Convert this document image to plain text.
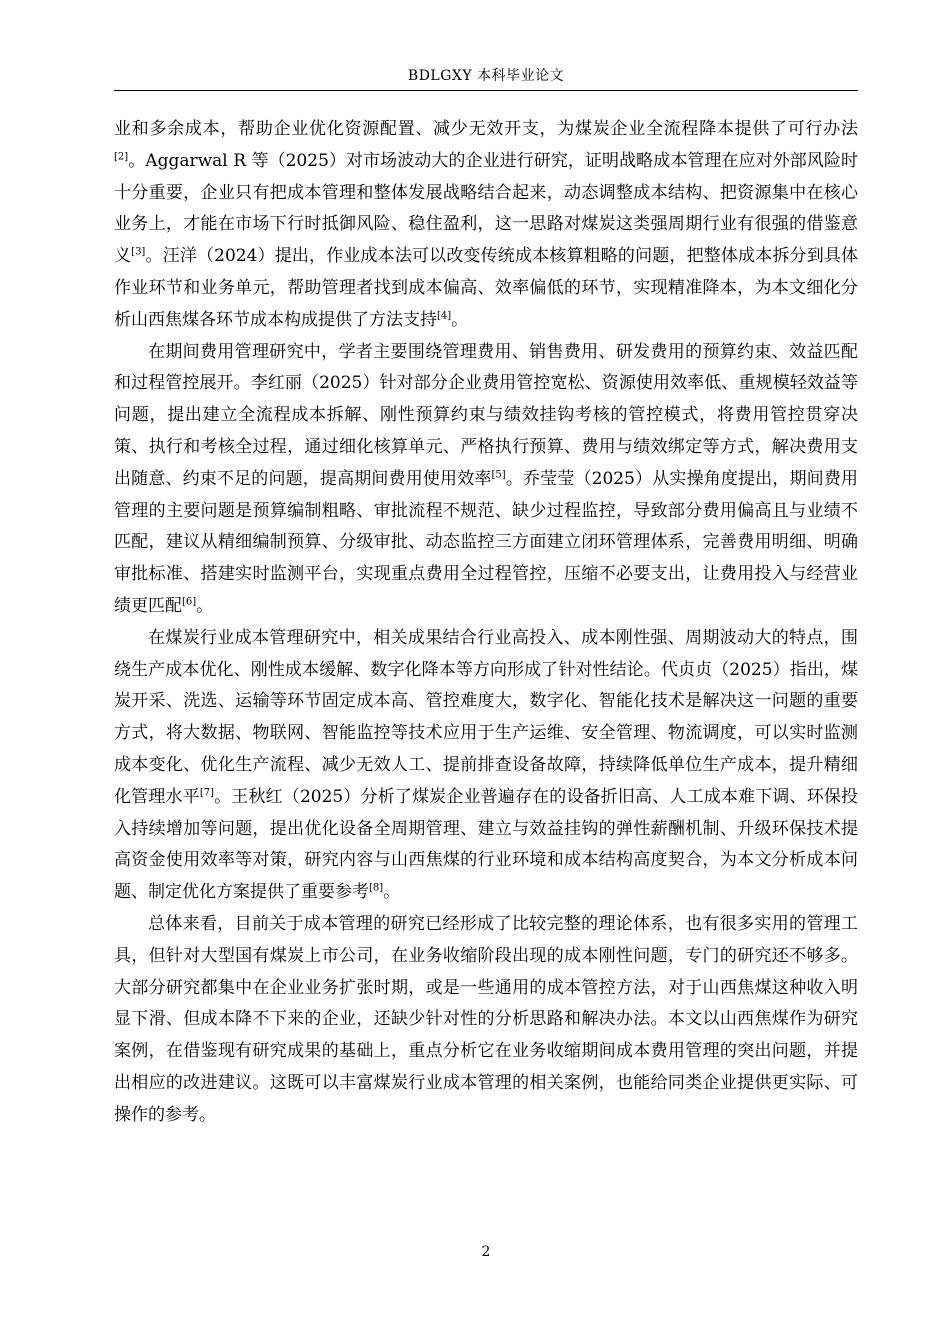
BDLGXY 本科毕业论文

业和多余成本，帮助企业优化资源配置、减少无效开支，为煤炭企业全流程降本提供了可行办法[2]。Aggarwal R 等（2025）对市场波动大的企业进行研究，证明战略成本管理在应对外部风险时十分重要，企业只有把成本管理和整体发展战略结合起来，动态调整成本结构、把资源集中在核心业务上，才能在市场下行时抵御风险、稳住盈利，这一思路对煤炭这类强周期行业有很强的借鉴意义[3]。汪洋（2024）提出，作业成本法可以改变传统成本核算粗略的问题，把整体成本拆分到具体作业环节和业务单元，帮助管理者找到成本偏高、效率偏低的环节，实现精准降本，为本文细化分析山西焦煤各环节成本构成提供了方法支持[4]。

在期间费用管理研究中，学者主要围绕管理费用、销售费用、研发费用的预算约束、效益匹配和过程管控展开。李红丽（2025）针对部分企业费用管控宽松、资源使用效率低、重规模轻效益等问题，提出建立全流程成本拆解、刚性预算约束与绩效挂钩考核的管控模式，将费用管控贯穿决策、执行和考核全过程，通过细化核算单元、严格执行预算、费用与绩效绑定等方式，解决费用支出随意、约束不足的问题，提高期间费用使用效率[5]。乔莹莹（2025）从实操角度提出，期间费用管理的主要问题是预算编制粗略、审批流程不规范、缺少过程监控，导致部分费用偏高且与业绩不匹配，建议从精细编制预算、分级审批、动态监控三方面建立闭环管理体系，完善费用明细、明确审批标准、搭建实时监测平台，实现重点费用全过程管控，压缩不必要支出，让费用投入与经营业绩更匹配[6]。

在煤炭行业成本管理研究中，相关成果结合行业高投入、成本刚性强、周期波动大的特点，围绕生产成本优化、刚性成本缓解、数字化降本等方向形成了针对性结论。代贞贞（2025）指出，煤炭开采、洗选、运输等环节固定成本高、管控难度大，数字化、智能化技术是解决这一问题的重要方式，将大数据、物联网、智能监控等技术应用于生产运维、安全管理、物流调度，可以实时监测成本变化、优化生产流程、减少无效人工、提前排查设备故障，持续降低单位生产成本，提升精细化管理水平[7]。王秋红（2025）分析了煤炭企业普遍存在的设备折旧高、人工成本难下调、环保投入持续增加等问题，提出优化设备全周期管理、建立与效益挂钩的弹性薪酬机制、升级环保技术提高资金使用效率等对策，研究内容与山西焦煤的行业环境和成本结构高度契合，为本文分析成本问题、制定优化方案提供了重要参考[8]。

总体来看，目前关于成本管理的研究已经形成了比较完整的理论体系，也有很多实用的管理工具，但针对大型国有煤炭上市公司，在业务收缩阶段出现的成本刚性问题，专门的研究还不够多。大部分研究都集中在企业业务扩张时期，或是一些通用的成本管控方法，对于山西焦煤这种收入明显下滑、但成本降不下来的企业，还缺少针对性的分析思路和解决办法。本文以山西焦煤作为研究案例，在借鉴现有研究成果的基础上，重点分析它在业务收缩期间成本费用管理的突出问题，并提出相应的改进建议。这既可以丰富煤炭行业成本管理的相关案例，也能给同类企业提供更实际、可操作的参考。

2
